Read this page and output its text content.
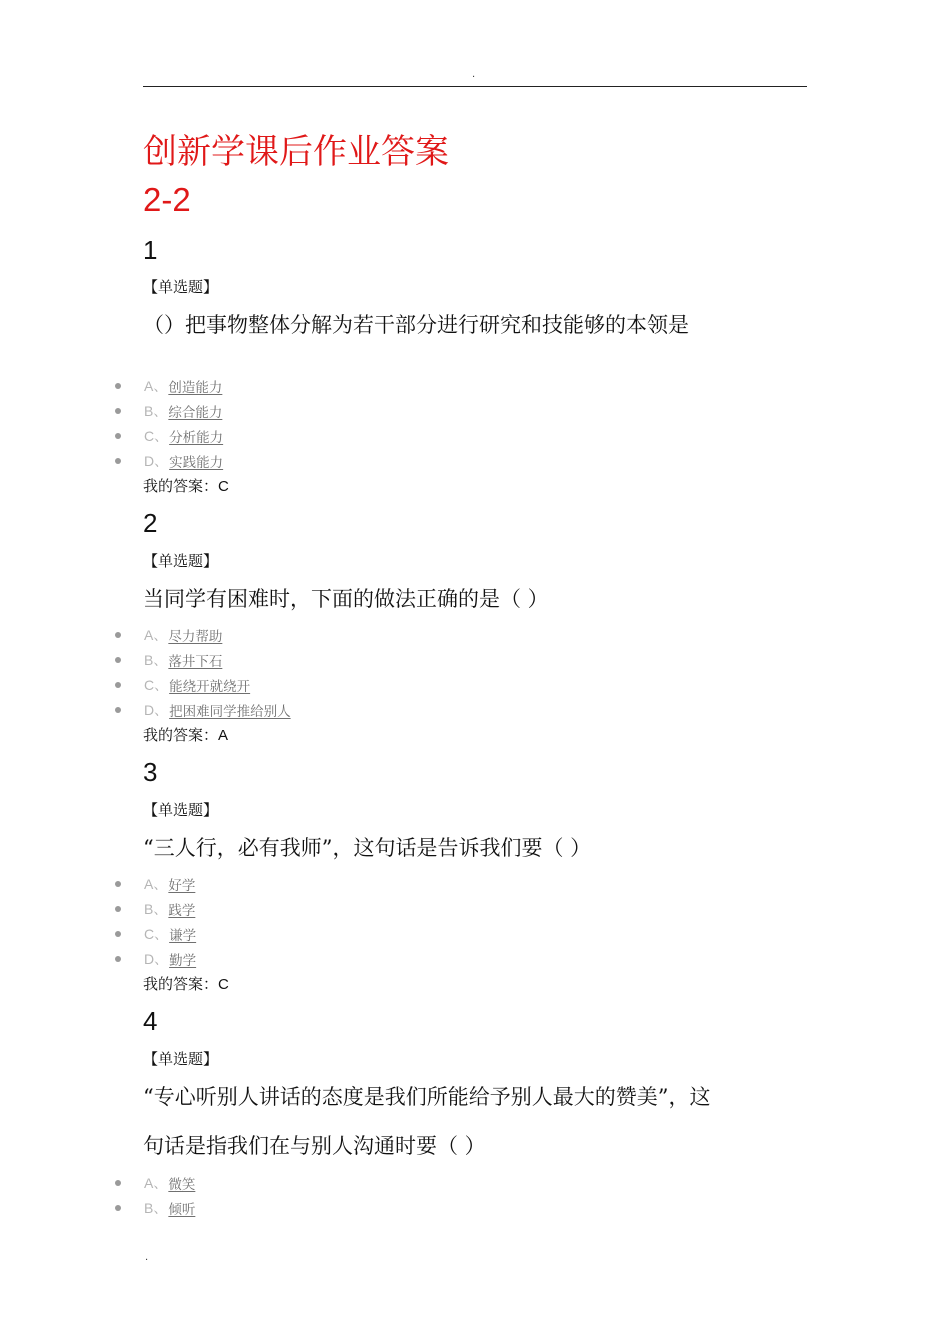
.
创新学课后作业答案
2-2
1
【单选题】
（）把事物整体分解为若干部分进行研究和技能够的本领是
A、 创造能力
B、 综合能力
C、 分析能力
D、 实践能力
我的答案：C
2
【单选题】
当同学有困难时，下面的做法正确的是（ ）
A、 尽力帮助
B、 落井下石
C、 能绕开就绕开
D、 把困难同学推给别人
我的答案：A
3
【单选题】
“三人行，必有我师”，这句话是告诉我们要（ ）
A、 好学
B、 践学
C、 谦学
D、 勤学
我的答案：C
4
【单选题】
“专心听别人讲话的态度是我们所能给予别人最大的赞美”，这
句话是指我们在与别人沟通时要（ ）
A、 微笑
B、 倾听
.
